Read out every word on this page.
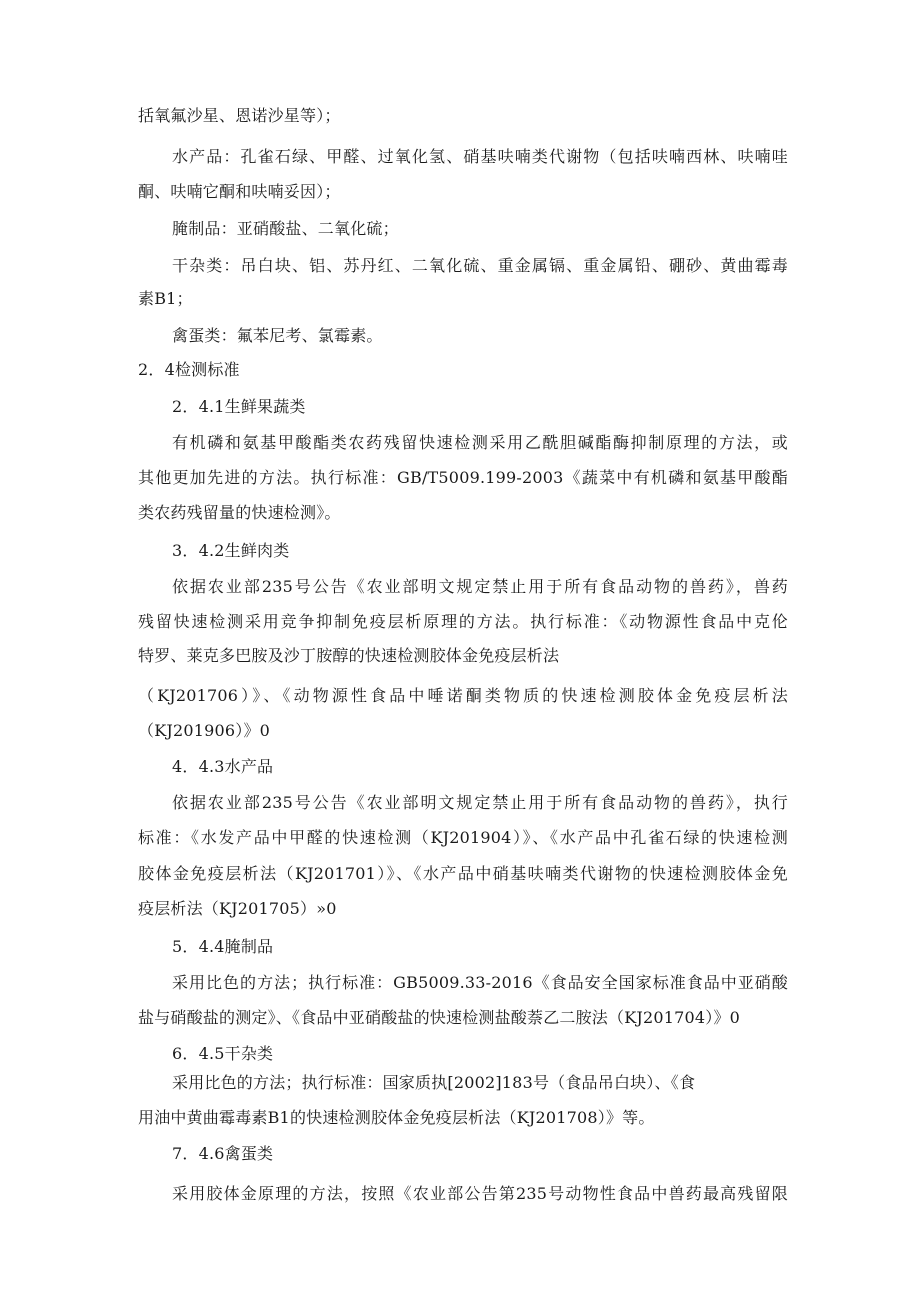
括氧氟沙星、恩诺沙星等）；
水产品：孔雀石绿、甲醛、过氧化氢、硝基呋喃类代谢物（包括呋喃西林、呋喃哇
酮、呋喃它酮和呋喃妥因）；
腌制品：亚硝酸盐、二氧化硫；
干杂类：吊白块、铝、苏丹红、二氧化硫、重金属镉、重金属铅、硼砂、黄曲霉毒
素B1；
禽蛋类：氟苯尼考、氯霉素。
2．4检测标准
2．4.1生鲜果蔬类
有机磷和氨基甲酸酯类农药残留快速检测采用乙酰胆碱酯酶抑制原理的方法，或
其他更加先进的方法。执行标准：GB/T5009.199-2003《蔬菜中有机磷和氨基甲酸酯
类农药残留量的快速检测》。
3．4.2生鲜肉类
依据农业部235号公告《农业部明文规定禁止用于所有食品动物的兽药》，兽药
残留快速检测采用竞争抑制免疫层析原理的方法。执行标准：《动物源性食品中克伦
特罗、莱克多巴胺及沙丁胺醇的快速检测胶体金免疫层析法
（KJ201706）》、《动物源性食品中唾诺酮类物质的快速检测胶体金免疫层析法
（KJ201906）》0
4．4.3水产品
依据农业部235号公告《农业部明文规定禁止用于所有食品动物的兽药》，执行
标准：《水发产品中甲醛的快速检测（KJ201904）》、《水产品中孔雀石绿的快速检测
胶体金免疫层析法（KJ201701）》、《水产品中硝基呋喃类代谢物的快速检测胶体金免
疫层析法（KJ201705）»0
5．4.4腌制品
采用比色的方法；执行标准：GB5009.33-2016《食品安全国家标准食品中亚硝酸
盐与硝酸盐的测定》、《食品中亚硝酸盐的快速检测盐酸萘乙二胺法（KJ201704）》0
6．4.5干杂类
采用比色的方法；执行标准：国家质执[2002]183号（食品吊白块）、《食
用油中黄曲霉毒素B1的快速检测胶体金免疫层析法（KJ201708）》等。
7．4.6禽蛋类
采用胶体金原理的方法，按照《农业部公告第235号动物性食品中兽药最高残留限
